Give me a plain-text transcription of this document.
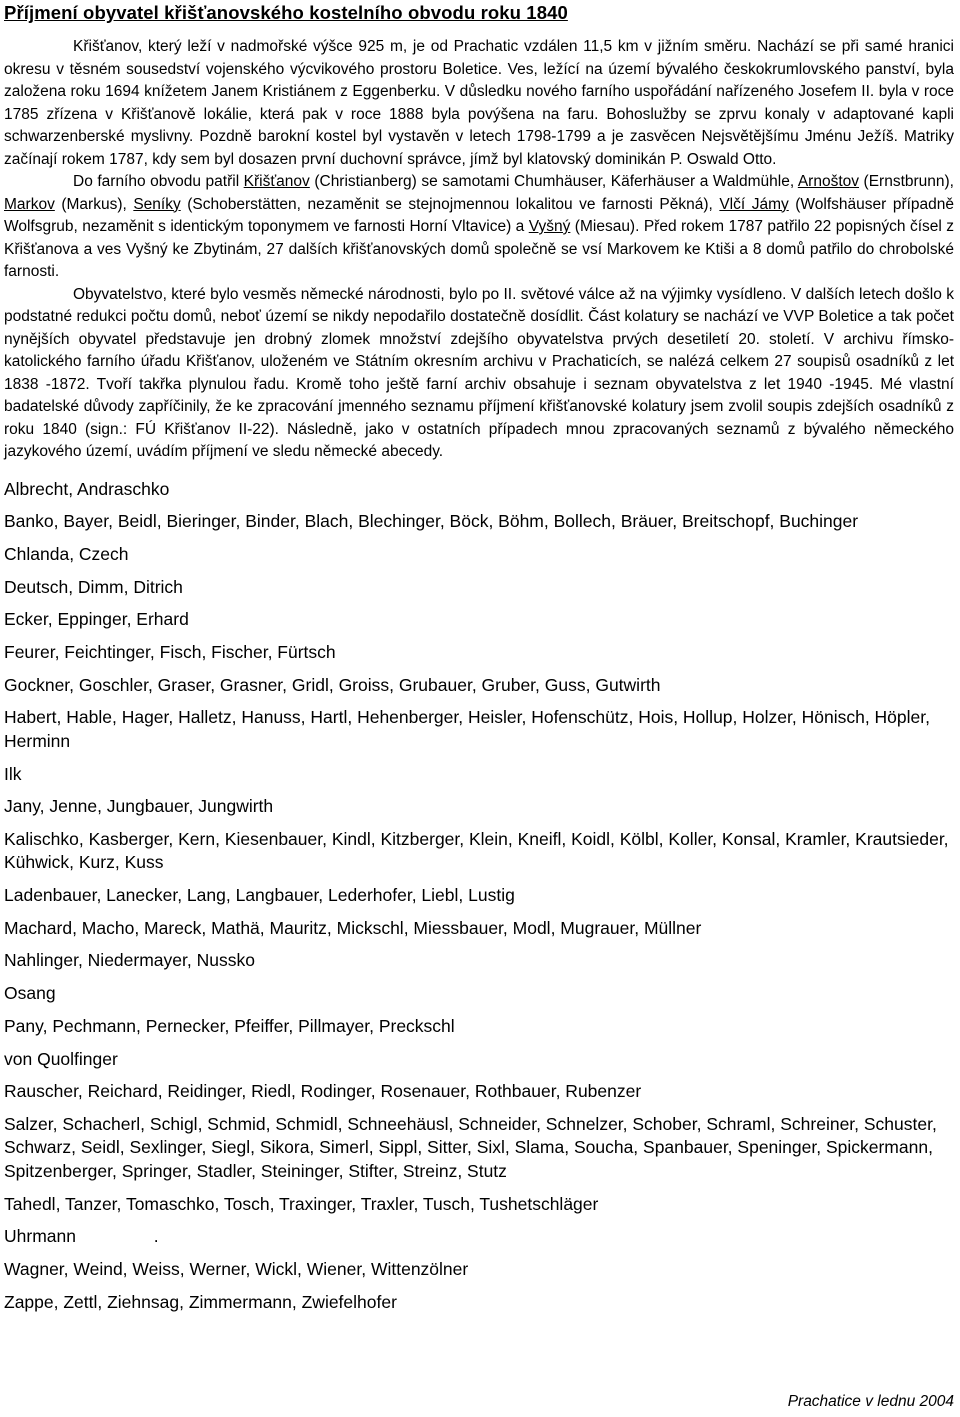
Příjmení obyvatel křišťanovského kostelního obvodu roku 1840

Křišťanov, který leží v nadmořské výšce 925 m, je od Prachatic vzdálen 11,5 km v jižním směru. Nachází se při samé hranici okresu v těsném sousedství vojenského výcvikového prostoru Boletice. Ves, ležící na území bývalého českokrumlovského panství, byla založena roku 1694 knížetem Janem Kristiánem z Eggenberku. V důsledku nového farního uspořádání nařízeného Josefem II. byla v roce 1785 zřízena v Křišťanově lokálie, která pak v roce 1888 byla povýšena na faru. Bohoslužby se zprvu konaly v adaptované kapli schwarzenberské myslivny. Pozdně barokní kostel byl vystavěn v letech 1798-1799 a je zasvěcen Nejsvětějšímu Jménu Ježíš. Matriky začínají rokem 1787, kdy sem byl dosazen první duchovní správce, jímž byl klatovský dominikán P. Oswald Otto.

Do farního obvodu patřil Křišťanov (Christianberg) se samotami Chumhäuser, Käferhäuser a Waldmühle, Arnoštov (Ernstbrunn), Markov (Markus), Seníky (Schoberstätten, nezaměnit se stejnojmennou lokalitou ve farnosti Pěkná), Vlčí Jámy (Wolfshäuser případně Wolfsgrub, nezaměnit s identickým toponymem ve farnosti Horní Vltavice) a Vyšný (Miesau). Před rokem 1787 patřilo 22 popisných čísel z Křišťanova a ves Vyšný ke Zbytinám, 27 dalších křišťanovských domů společně se vsí Markovem ke Ktiši a 8 domů patřilo do chrobolské farnosti.

Obyvatelstvo, které bylo vesměs německé národnosti, bylo po II. světové válce až na výjimky vysídleno. V dalších letech došlo k podstatné redukci počtu domů, neboť území se nikdy nepodařilo dostatečně dosídlit. Část kolatury se nachází ve VVP Boletice a tak počet nynějších obyvatel představuje jen drobný zlomek množství zdejšího obyvatelstva prvých desetiletí 20. století. V archivu římsko-katolického farního úřadu Křišťanov, uloženém ve Státním okresním archivu v Prachaticích, se nalézá celkem 27 soupisů osadníků z let 1838 -1872. Tvoří takřka plynulou řadu. Kromě toho ještě farní archiv obsahuje i seznam obyvatelstva z let 1940 -1945. Mé vlastní badatelské důvody zapříčinily, že ke zpracování jmenného seznamu příjmení křišťanovské kolatury jsem zvolil soupis zdejších osadníků z roku 1840 (sign.: FÚ Křišťanov II-22). Následně, jako v ostatních případech mnou zpracovaných seznamů z bývalého německého jazykového území, uvádím příjmení ve sledu německé abecedy.

Albrecht, Andraschko
Banko, Bayer, Beidl, Bieringer, Binder, Blach, Blechinger, Böck, Böhm, Bollech, Bräuer, Breitschopf, Buchinger
Chlanda, Czech
Deutsch, Dimm, Ditrich
Ecker, Eppinger, Erhard
Feurer, Feichtinger, Fisch, Fischer, Fürtsch
Gockner, Goschler, Graser, Grasner, Gridl, Groiss, Grubauer, Gruber, Guss, Gutwirth
Habert, Hable, Hager, Halletz, Hanuss, Hartl, Hehenberger, Heisler, Hofenschütz, Hois, Hollup, Holzer, Hönisch, Höpler, Herminn
Ilk
Jany, Jenne, Jungbauer, Jungwirth
Kalischko, Kasberger, Kern, Kiesenbauer, Kindl, Kitzberger, Klein, Kneifl, Koidl, Kölbl, Koller, Konsal, Kramler, Krautsieder, Kühwick, Kurz, Kuss
Ladenbauer, Lanecker, Lang, Langbauer, Lederhofer, Liebl, Lustig
Machard, Macho, Mareck, Mathä, Mauritz, Mickschl, Miessbauer, Modl, Mugrauer, Müllner
Nahlinger, Niedermayer, Nussko
Osang
Pany, Pechmann, Pernecker, Pfeiffer, Pillmayer, Preckschl
von Quolfinger
Rauscher, Reichard, Reidinger, Riedl, Rodinger, Rosenauer, Rothbauer, Rubenzer
Salzer, Schacherl, Schigl, Schmid, Schmidl, Schneehäusl, Schneider, Schnelzer, Schober, Schraml, Schreiner, Schuster, Schwarz, Seidl, Sexlinger, Siegl, Sikora, Simerl, Sippl, Sitter, Sixl, Slama, Soucha, Spanbauer, Speninger, Spickermann, Spitzenberger, Springer, Stadler, Steininger, Stifter, Streinz, Stutz
Tahedl, Tanzer, Tomaschko, Tosch, Traxinger, Traxler, Tusch, Tushetschläger
Uhrmann                .
Wagner, Weind, Weiss, Werner, Wickl, Wiener, Wittenzölner
Zappe, Zettl, Ziehnsag, Zimmermann, Zwiefelhofer
Prachatice v lednu 2004
